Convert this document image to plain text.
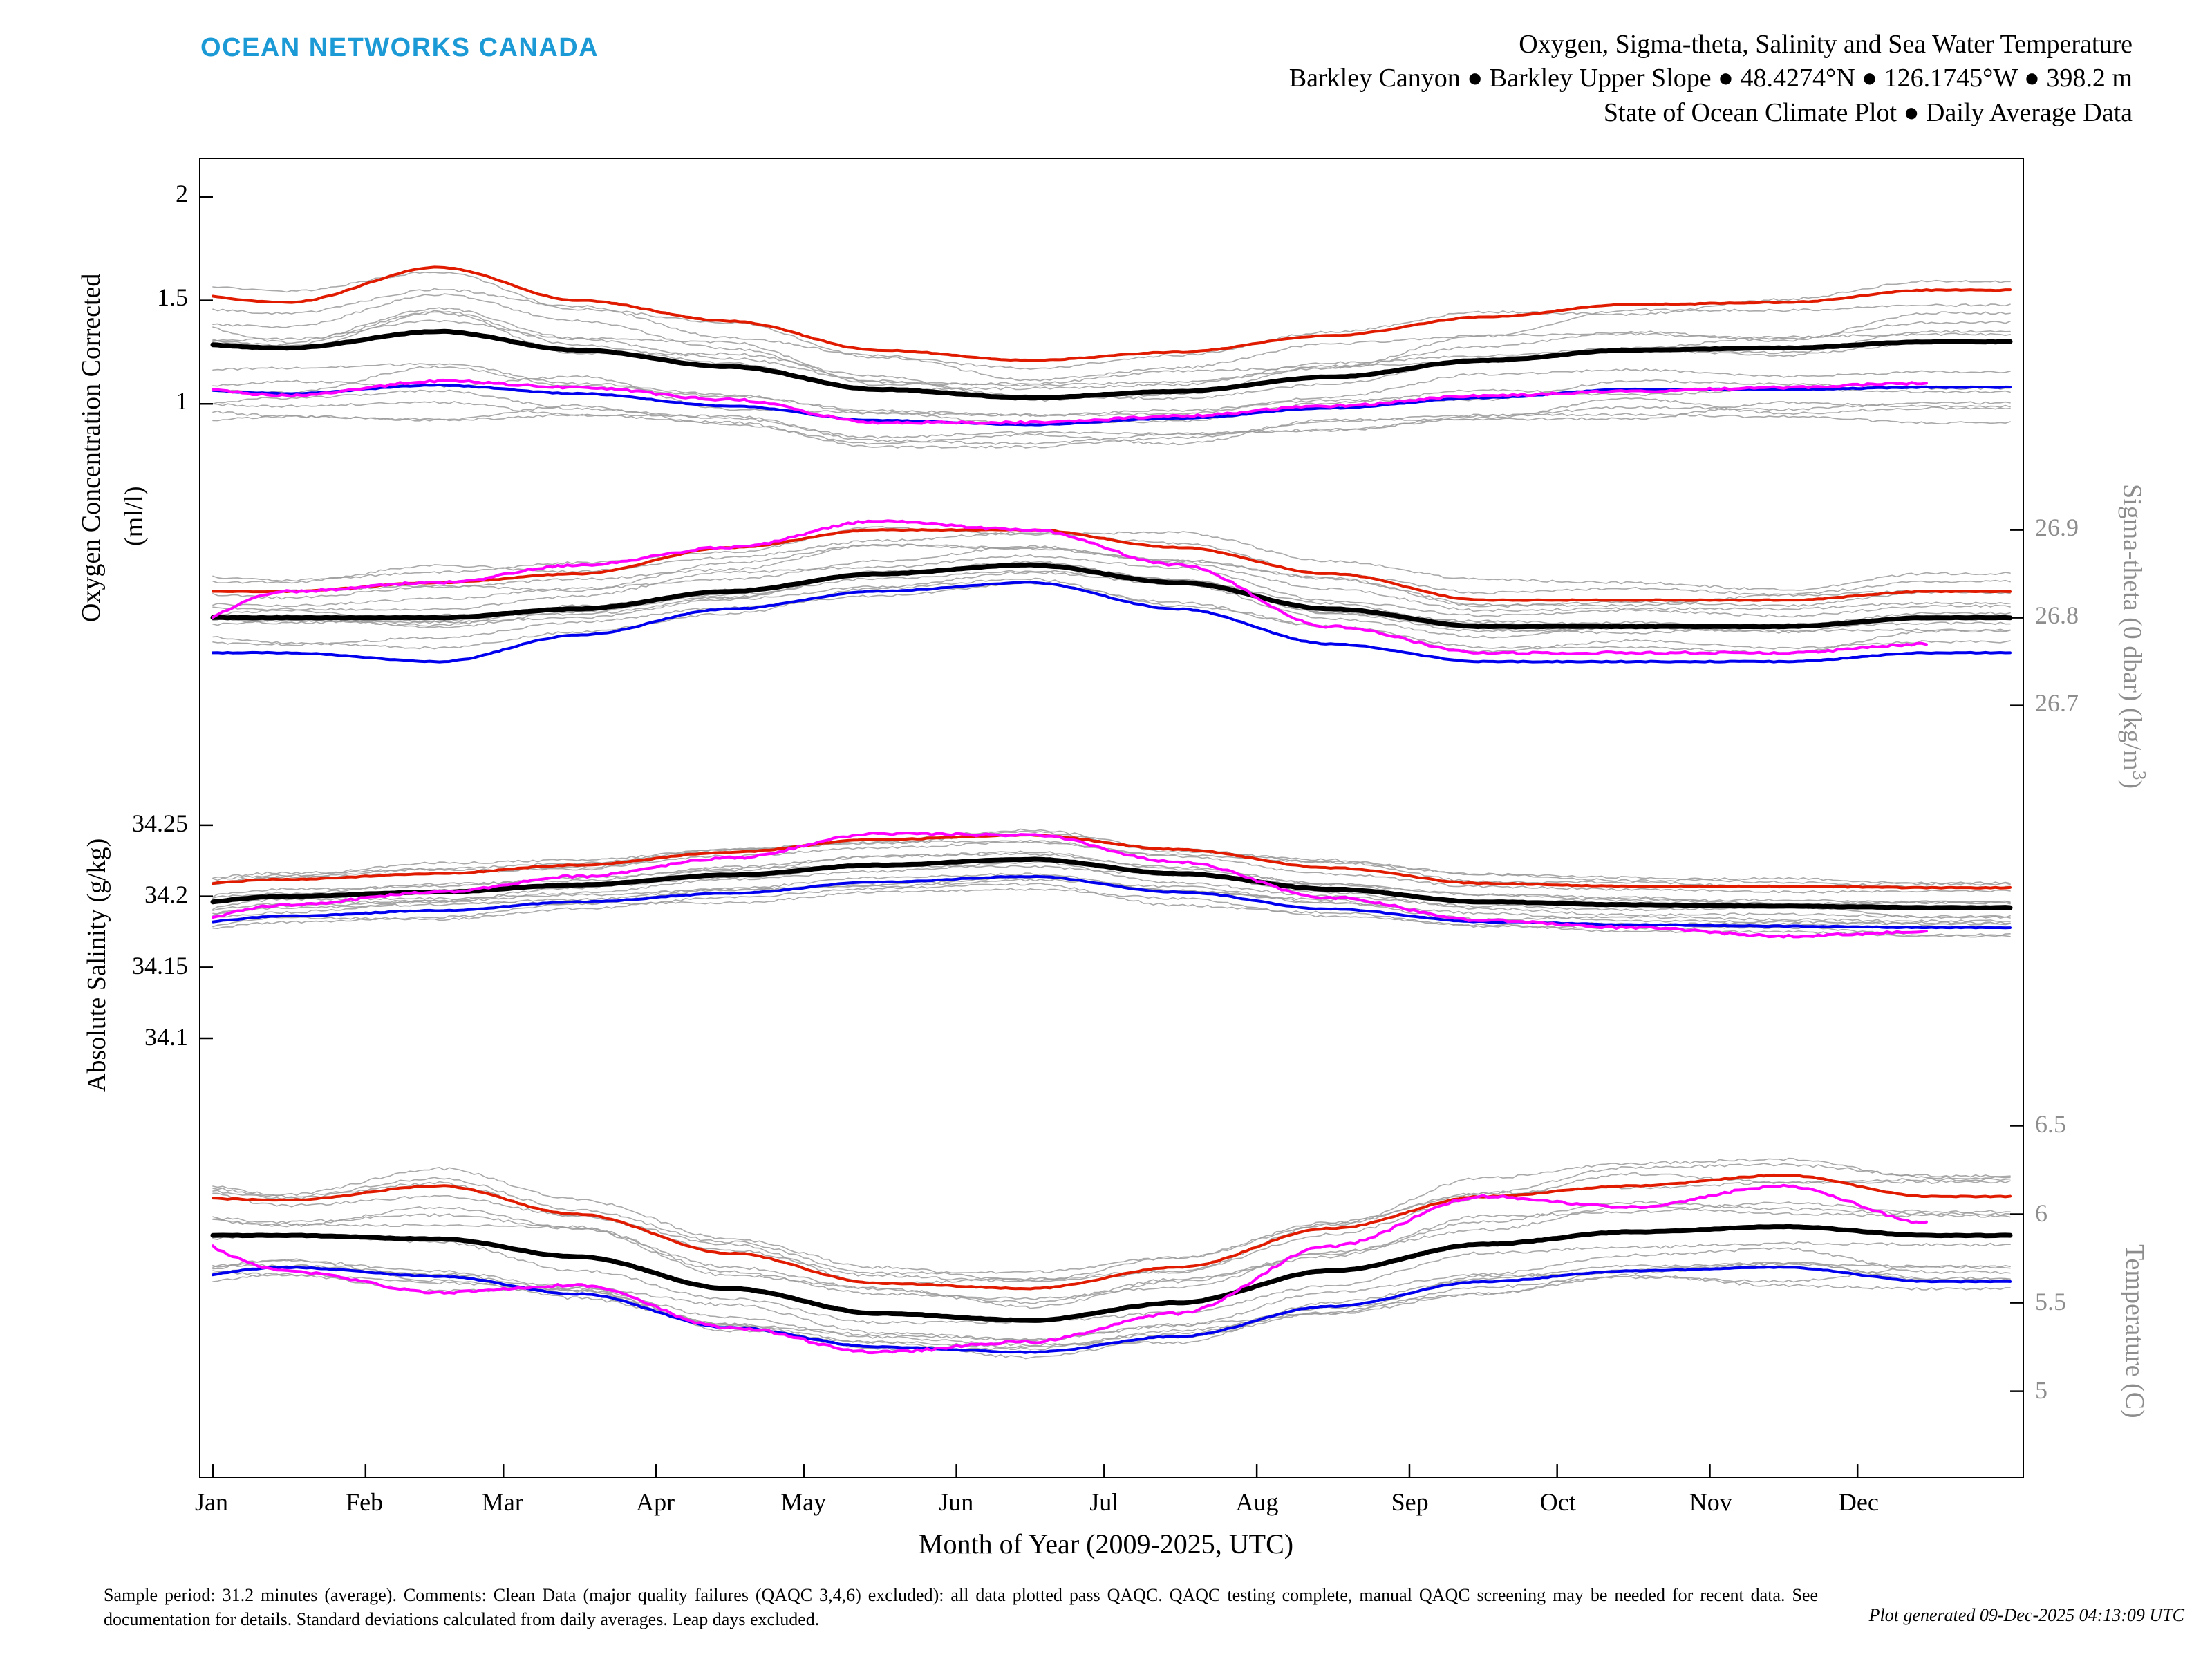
OCEAN NETWORKS CANADA	Oxygen, Sigma-theta, Salinity and Sea Water Temperature
Barkley Canyon ● Barkley Upper Slope ● 48.4274°N ● 126.1745°W ● 398.2 m
State of Ocean Climate Plot ● Daily Average Data
Oxygen Concentration Corrected (ml/l)
Absolute Salinity (g/kg)
Sigma-theta (0 dbar) $(kg/m^3)$
Temperature (C)
Month of Year (2009-2025, UTC)
1
1.5
2
26.7
26.8
26.9
34.1
34.15
34.2
34.25
5
5.5
6
6.5
Jan	Feb	Mar	Apr	May	Jun	Jul	Aug	Sep	Oct	Nov	Dec
Sample period: 31.2 minutes (average). Comments: Clean Data (major quality failures (QAQC 3,4,6) excluded): all data plotted pass QAQC. QAQC testing complete, manual QAQC screening may be needed for recent data. See documentation for details. Standard deviations calculated from daily averages. Leap days excluded.	Plot generated 09-Dec-2025 04:13:09 UTC
